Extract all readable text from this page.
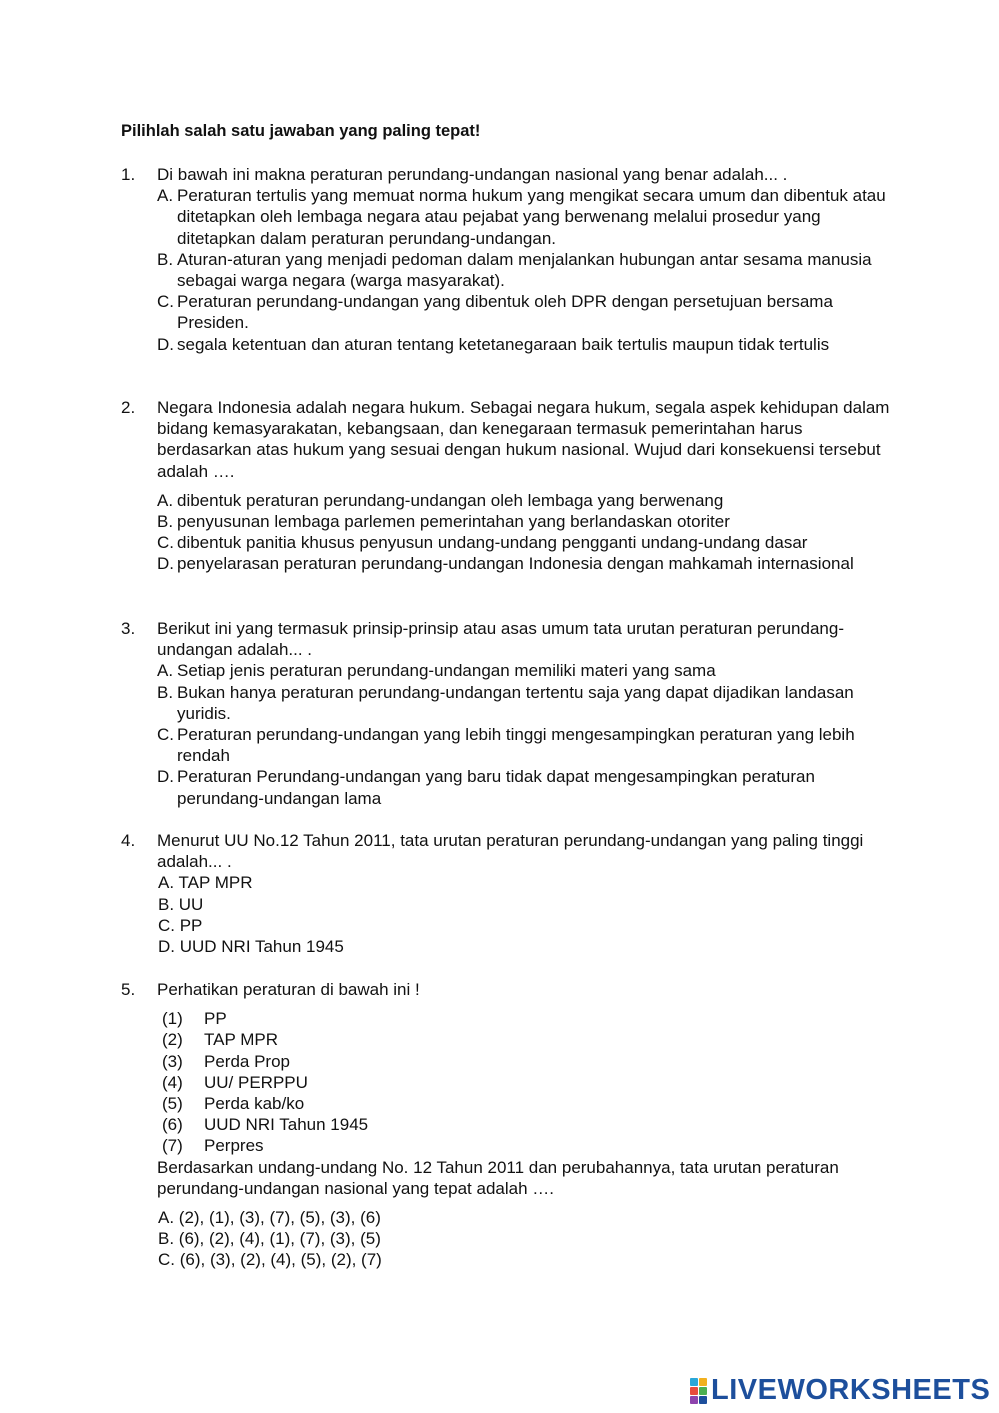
Pilihlah salah satu jawaban yang paling tepat!
1. Di bawah ini makna peraturan perundang-undangan nasional yang benar adalah... .
A. Peraturan tertulis yang memuat norma hukum yang mengikat secara umum dan dibentuk atau ditetapkan oleh lembaga negara atau pejabat yang berwenang melalui prosedur yang ditetapkan dalam peraturan perundang-undangan.
B. Aturan-aturan yang menjadi pedoman dalam menjalankan hubungan antar sesama manusia sebagai warga negara (warga masyarakat).
C. Peraturan perundang-undangan yang dibentuk oleh DPR dengan persetujuan bersama Presiden.
D. segala ketentuan dan aturan tentang ketetanegaraan baik tertulis maupun tidak tertulis
2. Negara Indonesia adalah negara hukum. Sebagai negara hukum, segala aspek kehidupan dalam bidang kemasyarakatan, kebangsaan, dan kenegaraan termasuk pemerintahan harus berdasarkan atas hukum yang sesuai dengan hukum nasional. Wujud dari konsekuensi tersebut adalah ….
A. dibentuk peraturan perundang-undangan oleh lembaga yang berwenang
B. penyusunan lembaga parlemen pemerintahan yang berlandaskan otoriter
C. dibentuk panitia khusus penyusun undang-undang pengganti undang-undang dasar
D. penyelarasan peraturan perundang-undangan Indonesia dengan mahkamah internasional
3. Berikut ini yang termasuk prinsip-prinsip atau asas umum tata urutan peraturan perundang-undangan adalah... .
A. Setiap jenis peraturan perundang-undangan memiliki materi yang sama
B. Bukan hanya peraturan perundang-undangan tertentu saja yang dapat dijadikan landasan yuridis.
C. Peraturan perundang-undangan yang lebih tinggi mengesampingkan peraturan yang lebih rendah
D. Peraturan Perundang-undangan yang baru tidak dapat mengesampingkan peraturan perundang-undangan lama
4. Menurut UU No.12 Tahun 2011, tata urutan peraturan perundang-undangan yang paling tinggi adalah... .
A. TAP MPR
B. UU
C. PP
D. UUD NRI Tahun 1945
5. Perhatikan peraturan di bawah ini !
(1) PP
(2) TAP MPR
(3) Perda Prop
(4) UU/ PERPPU
(5) Perda kab/ko
(6) UUD NRI Tahun 1945
(7) Perpres
Berdasarkan undang-undang No. 12 Tahun 2011 dan perubahannya, tata urutan peraturan perundang-undangan nasional yang tepat adalah ….
A. (2), (1), (3), (7), (5), (3), (6)
B. (6), (2), (4), (1), (7), (3), (5)
C. (6), (3), (2), (4), (5), (2), (7)
LIVEWORKSHEETS
